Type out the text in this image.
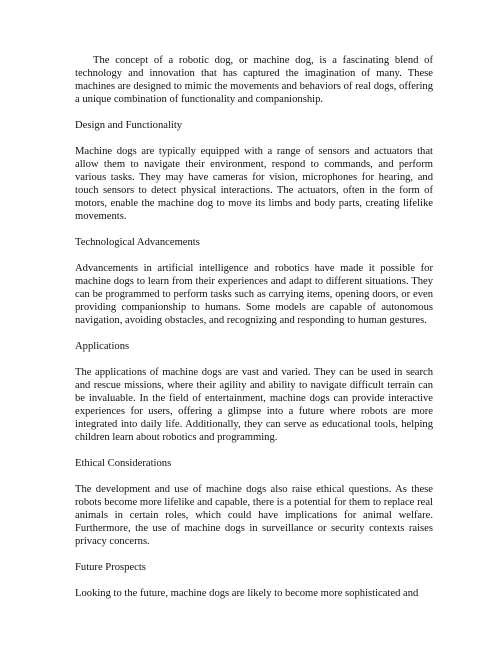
The concept of a robotic dog, or machine dog, is a fascinating blend of technology and innovation that has captured the imagination of many. These machines are designed to mimic the movements and behaviors of real dogs, offering a unique combination of functionality and companionship.

Design and Functionality

Machine dogs are typically equipped with a range of sensors and actuators that allow them to navigate their environment, respond to commands, and perform various tasks. They may have cameras for vision, microphones for hearing, and touch sensors to detect physical interactions. The actuators, often in the form of motors, enable the machine dog to move its limbs and body parts, creating lifelike movements.

Technological Advancements

Advancements in artificial intelligence and robotics have made it possible for machine dogs to learn from their experiences and adapt to different situations. They can be programmed to perform tasks such as carrying items, opening doors, or even providing companionship to humans. Some models are capable of autonomous navigation, avoiding obstacles, and recognizing and responding to human gestures.

Applications

The applications of machine dogs are vast and varied. They can be used in search and rescue missions, where their agility and ability to navigate difficult terrain can be invaluable. In the field of entertainment, machine dogs can provide interactive experiences for users, offering a glimpse into a future where robots are more integrated into daily life. Additionally, they can serve as educational tools, helping children learn about robotics and programming.

Ethical Considerations

The development and use of machine dogs also raise ethical questions. As these robots become more lifelike and capable, there is a potential for them to replace real animals in certain roles, which could have implications for animal welfare. Furthermore, the use of machine dogs in surveillance or security contexts raises privacy concerns.

Future Prospects

Looking to the future, machine dogs are likely to become more sophisticated and
